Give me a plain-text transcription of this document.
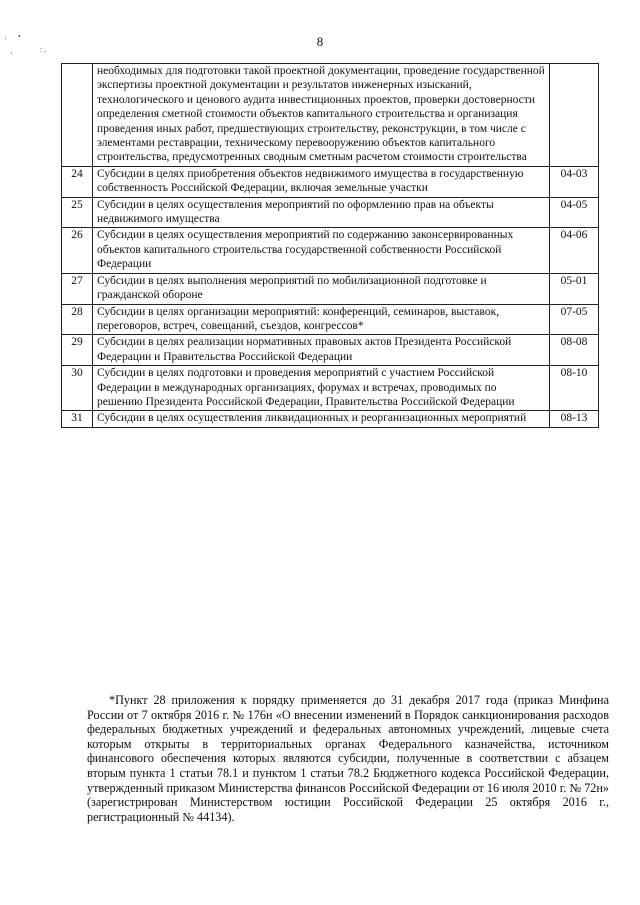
' •
¸	: .
8
	необходимых для подготовки такой проектной документации, проведение государственной экспертизы проектной документации и результатов инженерных изысканий, технологического и ценового аудита инвестиционных проектов, проверки достоверности определения сметной стоимости объектов капитального строительства и организация проведения иных работ, предшествующих строительству, реконструкции, в том числе с элементами реставрации, техническому перевооружению объектов капитального строительства, предусмотренных сводным сметным расчетом стоимости строительства	
24	Субсидии в целях приобретения объектов недвижимого имущества в государственную собственность Российской Федерации, включая земельные участки	04-03
25	Субсидии в целях осуществления мероприятий по оформлению прав на объекты недвижимого имущества	04-05
26	Субсидии в целях осуществления мероприятий по содержанию законсервированных объектов капитального строительства государственной собственности Российской Федерации	04-06
27	Субсидии в целях выполнения мероприятий по мобилизационной подготовке и гражданской обороне	05-01
28	Субсидии в целях организации мероприятий: конференций, семинаров, выставок, переговоров, встреч, совещаний, съездов, конгрессов*	07-05
29	Субсидии в целях реализации нормативных правовых актов Президента Российской Федерации и Правительства Российской Федерации	08-08
30	Субсидии в целях подготовки и проведения мероприятий с участием Российской Федерации в международных организациях, форумах и встречах, проводимых по решению Президента Российской Федерации, Правительства Российской Федерации	08-10
31	Субсидии в целях осуществления ликвидационных и реорганизационных мероприятий	08-13

*Пункт 28 приложения к порядку применяется до 31 декабря 2017 года (приказ Минфина России от 7 октября 2016 г. № 176н «О внесении изменений в Порядок санкционирования расходов федеральных бюджетных учреждений и федеральных автономных учреждений, лицевые счета которым открыты в территориальных органах Федерального казначейства, источником финансового обеспечения которых являются субсидии, полученные в соответствии с абзацем вторым пункта 1 статьи 78.1 и пунктом 1 статьи 78.2 Бюджетного кодекса Российской Федерации, утвержденный приказом Министерства финансов Российской Федерации от 16 июля 2010 г. № 72н» (зарегистрирован Министерством юстиции Российской Федерации 25 октября 2016 г., регистрационный № 44134).
